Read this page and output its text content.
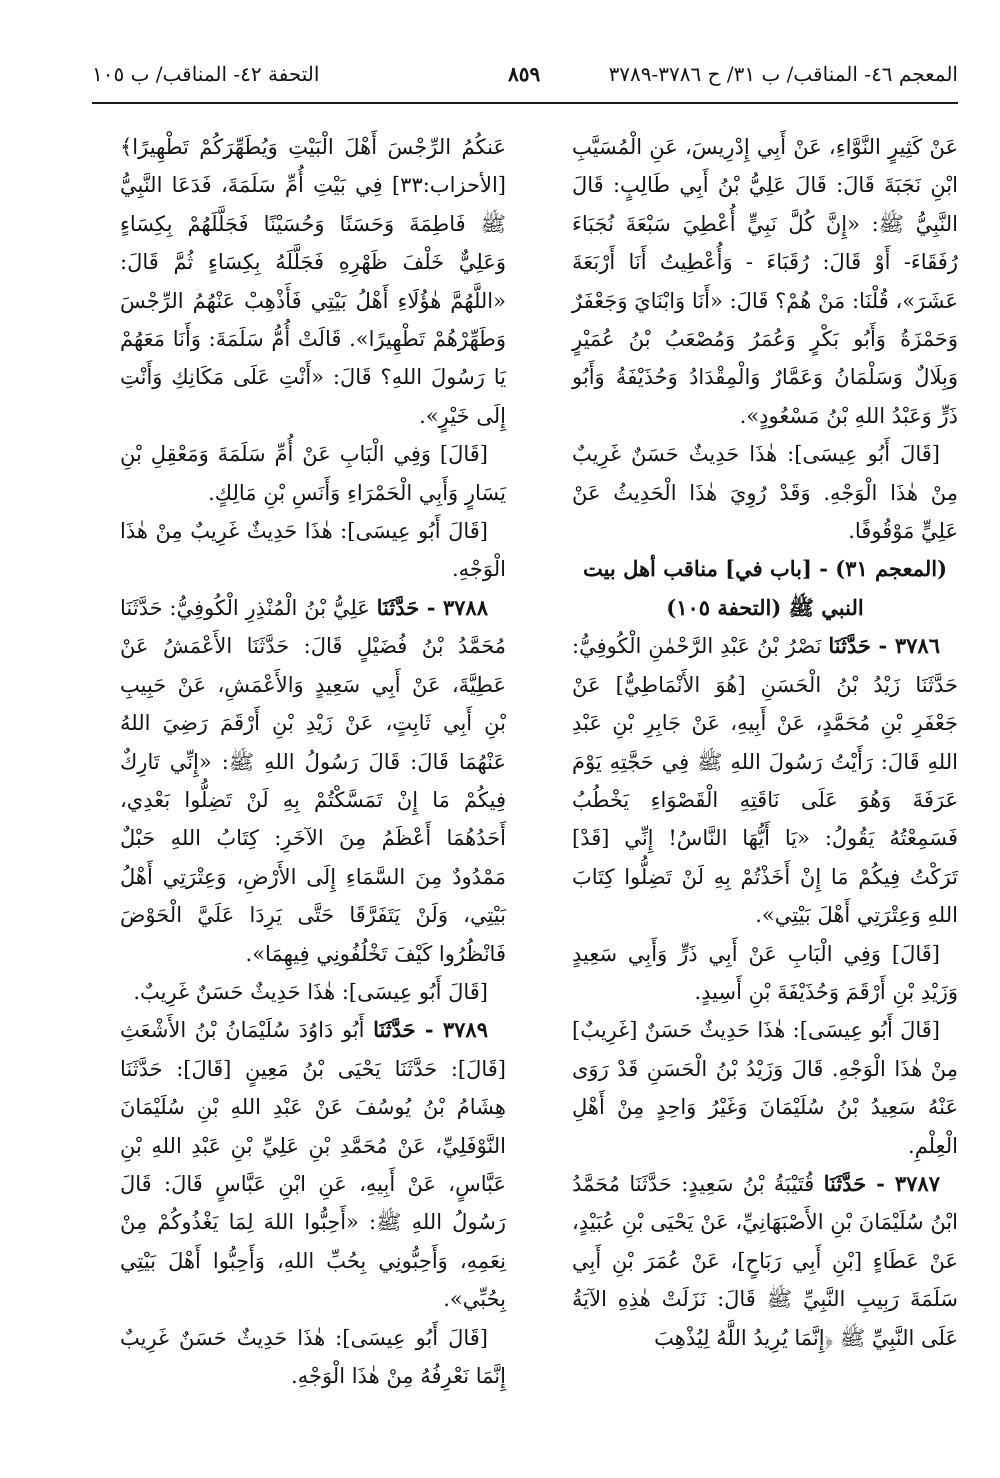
المعجم ٤٦- المناقب/ ب ٣١/ ح ٣٧٨٦-٣٧٨٩
٨٥٩
التحفة ٤٢- المناقب/ ب ١٠٥

عَنْ كَثِيرٍ النَّوَّاءِ، عَنْ أَبِي إِدْرِيسَ، عَنِ الْمُسَيَّبِ ابْنِ نَجَبَةَ قَالَ: قَالَ عَلِيُّ بْنُ أَبِي طَالِبٍ: قَالَ النَّبِيُّ ﷺ: «إِنَّ كُلَّ نَبِيٍّ أُعْطِيَ سَبْعَةَ نُجَبَاءَ رُفَقَاءَ- أَوْ قَالَ: رُقَبَاءَ - وَأُعْطِيتُ أَنَا أَرْبَعَةَ عَشَرَ»، قُلْنَا: مَنْ هُمْ؟ قَالَ: «أَنَا وَابْنَايَ وَجَعْفَرٌ وَحَمْزَةُ وَأَبُو بَكْرٍ وَعُمَرُ وَمُصْعَبُ بْنُ عُمَيْرٍ وَبِلَالٌ وَسَلْمَانُ وَعَمَّارٌ وَالْمِقْدَادُ وَحُذَيْفَةُ وَأَبُو ذَرٍّ وَعَبْدُ اللهِ بْنُ مَسْعُودٍ».

[قَالَ أَبُو عِيسَى]: هٰذَا حَدِيثٌ حَسَنٌ غَرِيبٌ مِنْ هٰذَا الْوَجْهِ. وَقَدْ رُوِيَ هٰذَا الْحَدِيثُ عَنْ عَلِيٍّ مَوْقُوفًا.

(المعجم ٣١) - [باب في] مناقب أهل بيت النبي ﷺ (التحفة ١٠٥)

٣٧٨٦ - حَدَّثَنَا نَصْرُ بْنُ عَبْدِ الرَّحْمٰنِ الْكُوفِيُّ: حَدَّثَنَا زَيْدُ بْنُ الْحَسَنِ [هُوَ الأَنْمَاطِيُّ] عَنْ جَعْفَرِ بْنِ مُحَمَّدٍ، عَنْ أَبِيهِ، عَنْ جَابِرِ بْنِ عَبْدِ اللهِ قَالَ: رَأَيْتُ رَسُولَ اللهِ ﷺ فِي حَجَّتِهِ يَوْمَ عَرَفَةَ وَهُوَ عَلَى نَاقَتِهِ الْقَصْوَاءِ يَخْطُبُ فَسَمِعْتُهُ يَقُولُ: «يَا أَيُّهَا النَّاسُ! إِنِّي [قَدْ] تَرَكْتُ فِيكُمْ مَا إِنْ أَخَذْتُمْ بِهِ لَنْ تَضِلُّوا كِتَابَ اللهِ وَعِتْرَتِي أَهْلَ بَيْتِي».

[قَالَ] وَفِي الْبَابِ عَنْ أَبِي ذَرٍّ وَأَبِي سَعِيدٍ وَزَيْدِ بْنِ أَرْقَمَ وَحُذَيْفَةَ بْنِ أَسِيدٍ.

[قَالَ أَبُو عِيسَى]: هٰذَا حَدِيثٌ حَسَنٌ [غَرِيبٌ] مِنْ هٰذَا الْوَجْهِ. قَالَ وَزَيْدُ بْنُ الْحَسَنِ قَدْ رَوَى عَنْهُ سَعِيدُ بْنُ سُلَيْمَانَ وَغَيْرُ وَاحِدٍ مِنْ أَهْلِ الْعِلْمِ.

٣٧٨٧ - حَدَّثَنَا قُتَيْبَةُ بْنُ سَعِيدٍ: حَدَّثَنَا مُحَمَّدُ ابْنُ سُلَيْمَانَ بْنِ الأَصْبَهَانِيِّ، عَنْ يَحْيَى بْنِ عُبَيْدٍ، عَنْ عَطَاءٍ [بْنِ أَبِي رَبَاحٍ]، عَنْ عُمَرَ بْنِ أَبِي سَلَمَةَ رَبِيبِ النَّبِيِّ ﷺ قَالَ: نَزَلَتْ هٰذِهِ الآيَةُ عَلَى النَّبِيِّ ﷺ ﴿إِنَّمَا يُرِيدُ اللَّهُ لِيُذْهِبَ

عَنكُمُ الرِّجْسَ أَهْلَ الْبَيْتِ وَيُطَهِّرَكُمْ تَطْهِيرًا﴾ [الأحزاب:٣٣] فِي بَيْتِ أُمِّ سَلَمَةَ، فَدَعَا النَّبِيُّ ﷺ فَاطِمَةَ وَحَسَنًا وَحُسَيْنًا فَجَلَّلَهُمْ بِكِسَاءٍ وَعَلِيٌّ خَلْفَ ظَهْرِهِ فَجَلَّلَهُ بِكِسَاءٍ ثُمَّ قَالَ: «اللَّهُمَّ هٰؤُلَاءِ أَهْلُ بَيْتِي فَأَذْهِبْ عَنْهُمُ الرِّجْسَ وَطَهِّرْهُمْ تَطْهِيرًا». قَالَتْ أُمُّ سَلَمَةَ: وَأَنَا مَعَهُمْ يَا رَسُولَ اللهِ؟ قَالَ: «أَنْتِ عَلَى مَكَانِكِ وَأَنْتِ إِلَى خَيْرٍ».

[قَالَ] وَفِي الْبَابِ عَنْ أُمِّ سَلَمَةَ وَمَعْقِلِ بْنِ يَسَارٍ وَأَبِي الْحَمْرَاءِ وَأَنَسِ بْنِ مَالِكٍ.

[قَالَ أَبُو عِيسَى]: هٰذَا حَدِيثٌ غَرِيبٌ مِنْ هٰذَا الْوَجْهِ.

٣٧٨٨ - حَدَّثَنَا عَلِيُّ بْنُ الْمُنْذِرِ الْكُوفِيُّ: حَدَّثَنَا مُحَمَّدُ بْنُ فُضَيْلٍ قَالَ: حَدَّثَنَا الأَعْمَشُ عَنْ عَطِيَّةَ، عَنْ أَبِي سَعِيدٍ وَالأَعْمَشِ، عَنْ حَبِيبِ بْنِ أَبِي ثَابِتٍ، عَنْ زَيْدِ بْنِ أَرْقَمَ رَضِيَ اللهُ عَنْهُمَا قَالَ: قَالَ رَسُولُ اللهِ ﷺ: «إِنِّي تَارِكٌ فِيكُمْ مَا إِنْ تَمَسَّكْتُمْ بِهِ لَنْ تَضِلُّوا بَعْدِي، أَحَدُهُمَا أَعْظَمُ مِنَ الآخَرِ: كِتَابُ اللهِ حَبْلٌ مَمْدُودٌ مِنَ السَّمَاءِ إِلَى الأَرْضِ، وَعِتْرَتِي أَهْلُ بَيْتِي، وَلَنْ يَتَفَرَّقَا حَتَّى يَرِدَا عَلَيَّ الْحَوْضَ فَانْظُرُوا كَيْفَ تَخْلُفُونِي فِيهِمَا».

[قَالَ أَبُو عِيسَى]: هٰذَا حَدِيثٌ حَسَنٌ غَرِيبٌ.

٣٧٨٩ - حَدَّثَنَا أَبُو دَاوُدَ سُلَيْمَانُ بْنُ الأَشْعَثِ [قَالَ]: حَدَّثَنَا يَحْيَى بْنُ مَعِينٍ [قَالَ]: حَدَّثَنَا هِشَامُ بْنُ يُوسُفَ عَنْ عَبْدِ اللهِ بْنِ سُلَيْمَانَ النَّوْفَلِيِّ، عَنْ مُحَمَّدِ بْنِ عَلِيِّ بْنِ عَبْدِ اللهِ بْنِ عَبَّاسٍ، عَنْ أَبِيهِ، عَنِ ابْنِ عَبَّاسٍ قَالَ: قَالَ رَسُولُ اللهِ ﷺ: «أَحِبُّوا اللهَ لِمَا يَغْذُوكُمْ مِنْ نِعَمِهِ، وَأَحِبُّونِي بِحُبِّ اللهِ، وَأَحِبُّوا أَهْلَ بَيْتِي بِحُبِّي».

[قَالَ أَبُو عِيسَى]: هٰذَا حَدِيثٌ حَسَنٌ غَرِيبٌ إِنَّمَا نَعْرِفُهُ مِنْ هٰذَا الْوَجْهِ.
